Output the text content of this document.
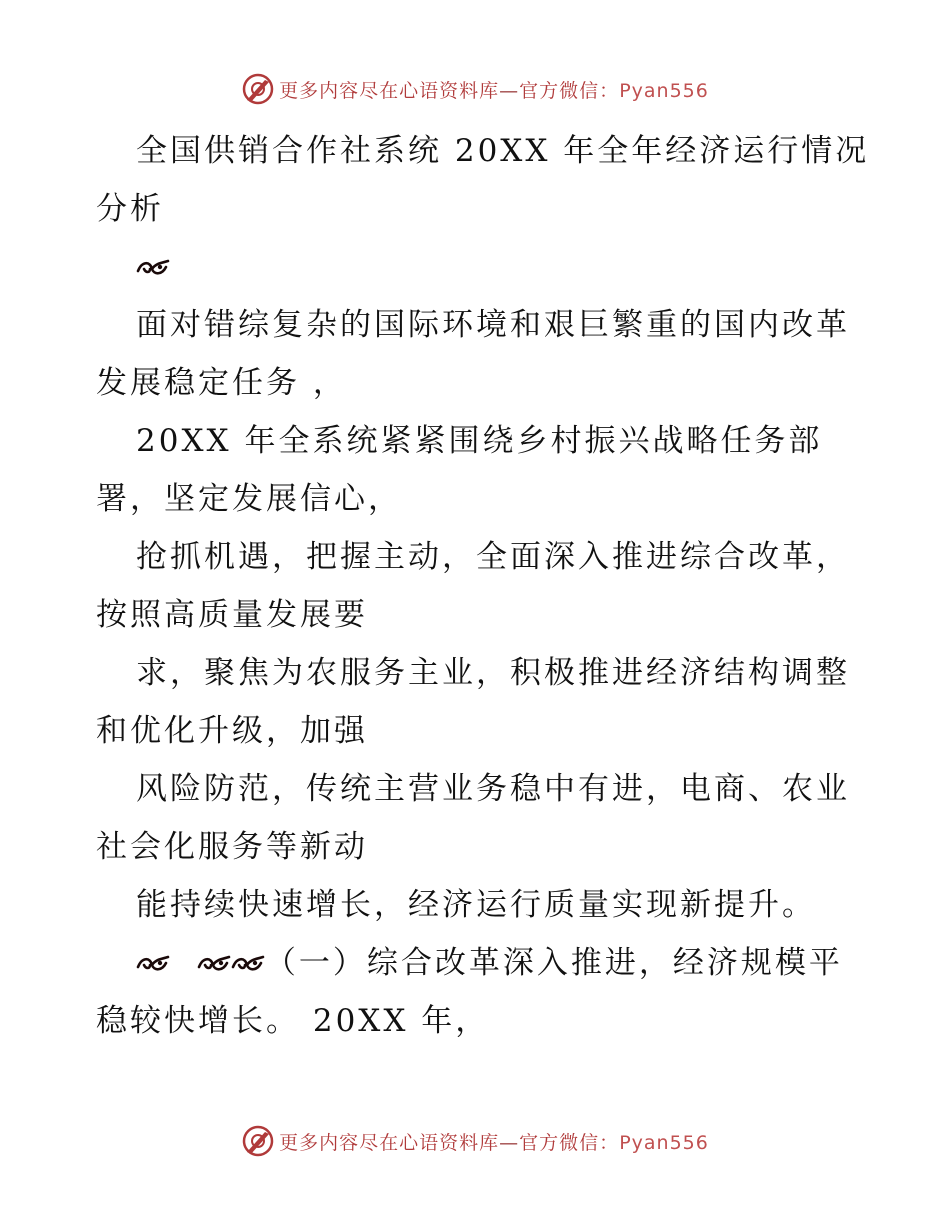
更多内容尽在心语资料库—官方微信：Pyan556
全国供销合作社系统 20XX 年全年经济运行情况
分析
面对错综复杂的国际环境和艰巨繁重的国内改革
发展稳定任务 ，
20XX 年全系统紧紧围绕乡村振兴战略任务部
署，坚定发展信心，
抢抓机遇，把握主动，全面深入推进综合改革，
按照高质量发展要
求，聚焦为农服务主业，积极推进经济结构调整
和优化升级，加强
风险防范，传统主营业务稳中有进，电商、农业
社会化服务等新动
能持续快速增长，经济运行质量实现新提升。
（一）综合改革深入推进，经济规模平
稳较快增长。 20XX 年，
更多内容尽在心语资料库—官方微信：Pyan556
